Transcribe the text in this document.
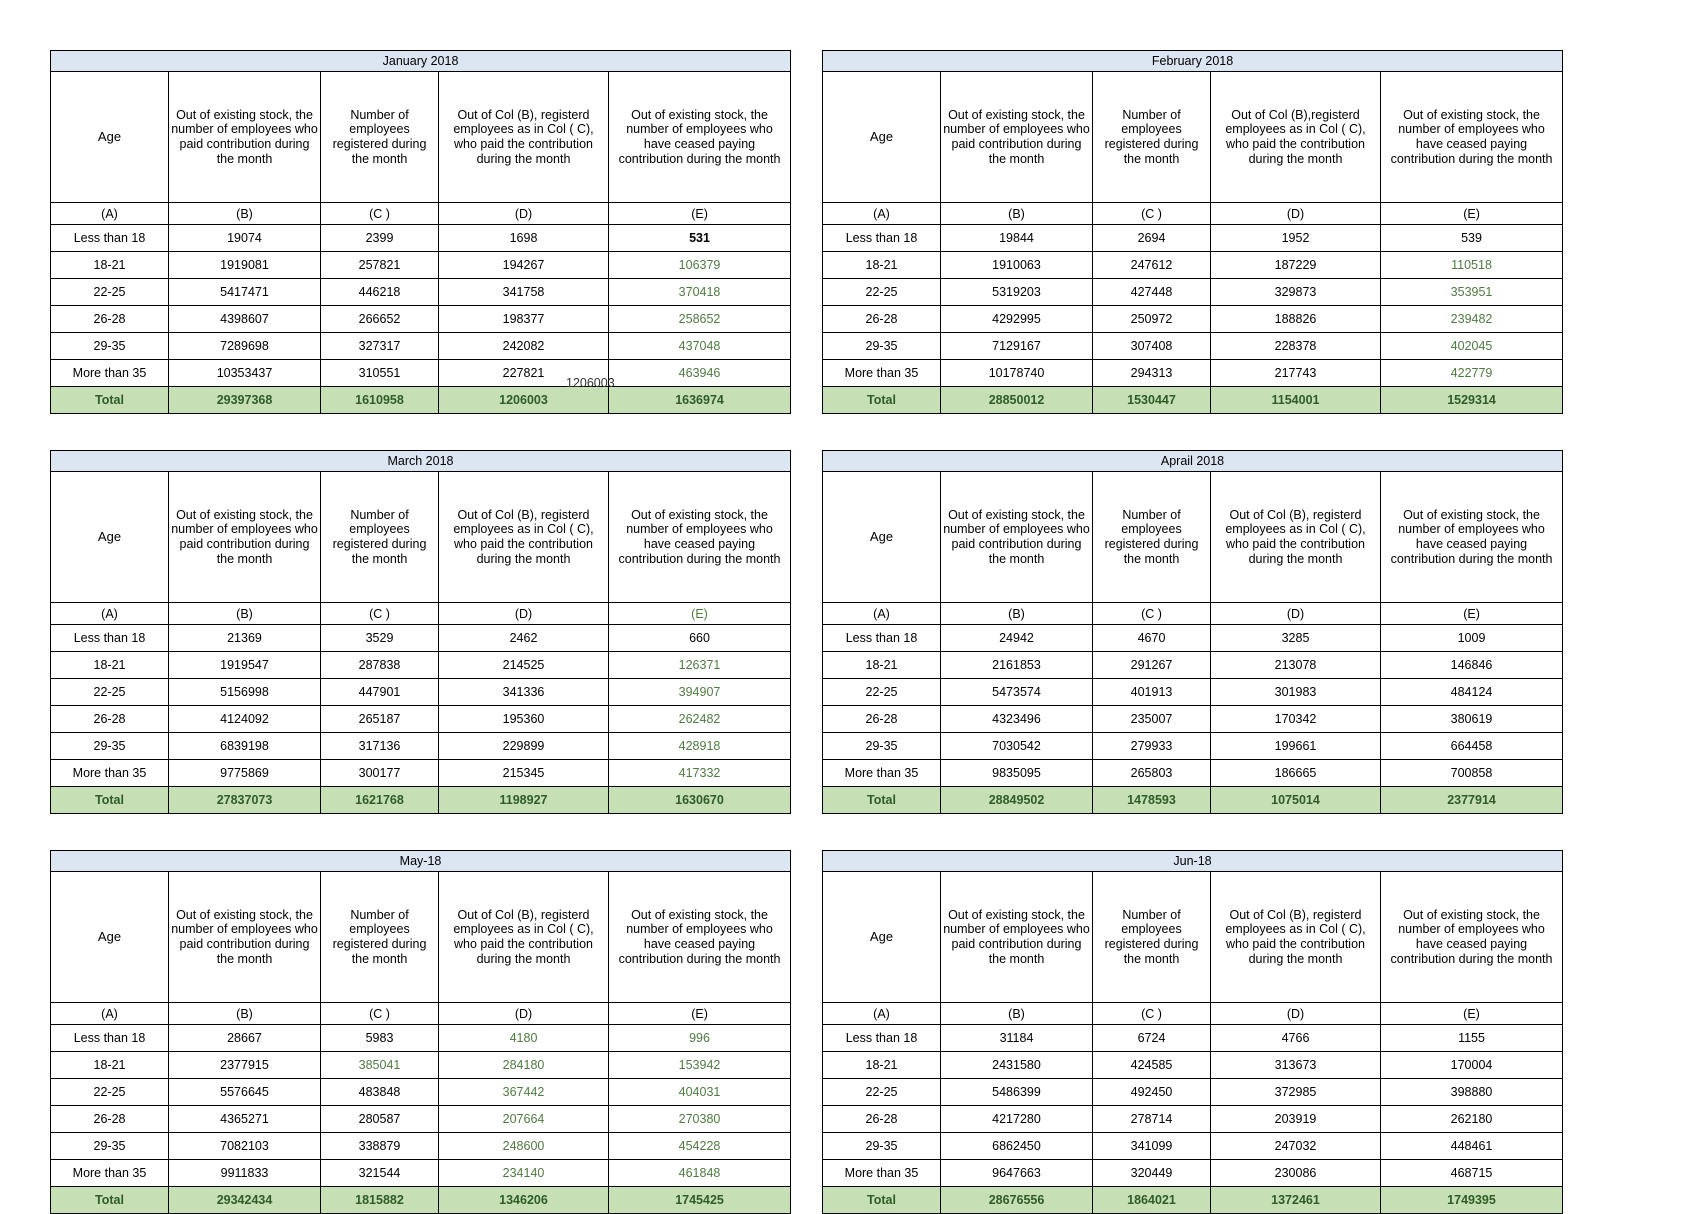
January 2018				
Age	Out of existing stock, the number of employees who paid contribution during the month	Number of employees registered during the month	Out of Col (B), registerd employees as in Col ( C), who paid the contribution during the month	Out of existing stock, the number of employees who have ceased paying contribution during the month
(A)	(B)	(C )	(D)	(E)
Less than 18	19074	2399	1698	531
18-21	1919081	257821	194267	106379
22-25	5417471	446218	341758	370418
26-28	4398607	266652	198377	258652
29-35	7289698	327317	242082	437048
More than 35	10353437	310551	227821	463946
Total	29397368	1610958	1206003	1636974
February 2018				
Age	Out of existing stock, the number of employees who paid contribution during the month	Number of employees registered during the month	Out of Col (B),registerd employees as in Col ( C), who paid the contribution during the month	Out of existing stock, the number of employees who have ceased paying contribution during the month
(A)	(B)	(C )	(D)	(E)
Less than 18	19844	2694	1952	539
18-21	1910063	247612	187229	110518
22-25	5319203	427448	329873	353951
26-28	4292995	250972	188826	239482
29-35	7129167	307408	228378	402045
More than 35	10178740	294313	217743	422779
Total	28850012	1530447	1154001	1529314
March 2018				
Age	Out of existing stock, the number of employees who paid contribution during the month	Number of employees registered during the month	Out of Col (B), registerd employees as in Col ( C), who paid the contribution during the month	Out of existing stock, the number of employees who have ceased paying contribution during the month
(A)	(B)	(C )	(D)	(E)
Less than 18	21369	3529	2462	660
18-21	1919547	287838	214525	126371
22-25	5156998	447901	341336	394907
26-28	4124092	265187	195360	262482
29-35	6839198	317136	229899	428918
More than 35	9775869	300177	215345	417332
Total	27837073	1621768	1198927	1630670
Aprail 2018				
Age	Out of existing stock, the number of employees who paid contribution during the month	Number of employees registered during the month	Out of Col (B), registerd employees as in Col ( C), who paid the contribution during the month	Out of existing stock, the number of employees who have ceased paying contribution during the month
(A)	(B)	(C )	(D)	(E)
Less than 18	24942	4670	3285	1009
18-21	2161853	291267	213078	146846
22-25	5473574	401913	301983	484124
26-28	4323496	235007	170342	380619
29-35	7030542	279933	199661	664458
More than 35	9835095	265803	186665	700858
Total	28849502	1478593	1075014	2377914
May-18				
Age	Out of existing stock, the number of employees who paid contribution during the month	Number of employees registered during the month	Out of Col (B), registerd employees as in Col ( C), who paid the contribution during the month	Out of existing stock, the number of employees who have ceased paying contribution during the month
(A)	(B)	(C )	(D)	(E)
Less than 18	28667	5983	4180	996
18-21	2377915	385041	284180	153942
22-25	5576645	483848	367442	404031
26-28	4365271	280587	207664	270380
29-35	7082103	338879	248600	454228
More than 35	9911833	321544	234140	461848
Total	29342434	1815882	1346206	1745425
Jun-18				
Age	Out of existing stock, the number of employees who paid contribution during the month	Number of employees registered during the month	Out of Col (B), registerd employees as in Col ( C), who paid the contribution during the month	Out of existing stock, the number of employees who have ceased paying contribution during the month
(A)	(B)	(C )	(D)	(E)
Less than 18	31184	6724	4766	1155
18-21	2431580	424585	313673	170004
22-25	5486399	492450	372985	398880
26-28	4217280	278714	203919	262180
29-35	6862450	341099	247032	448461
More than 35	9647663	320449	230086	468715
Total	28676556	1864021	1372461	1749395
1206003
